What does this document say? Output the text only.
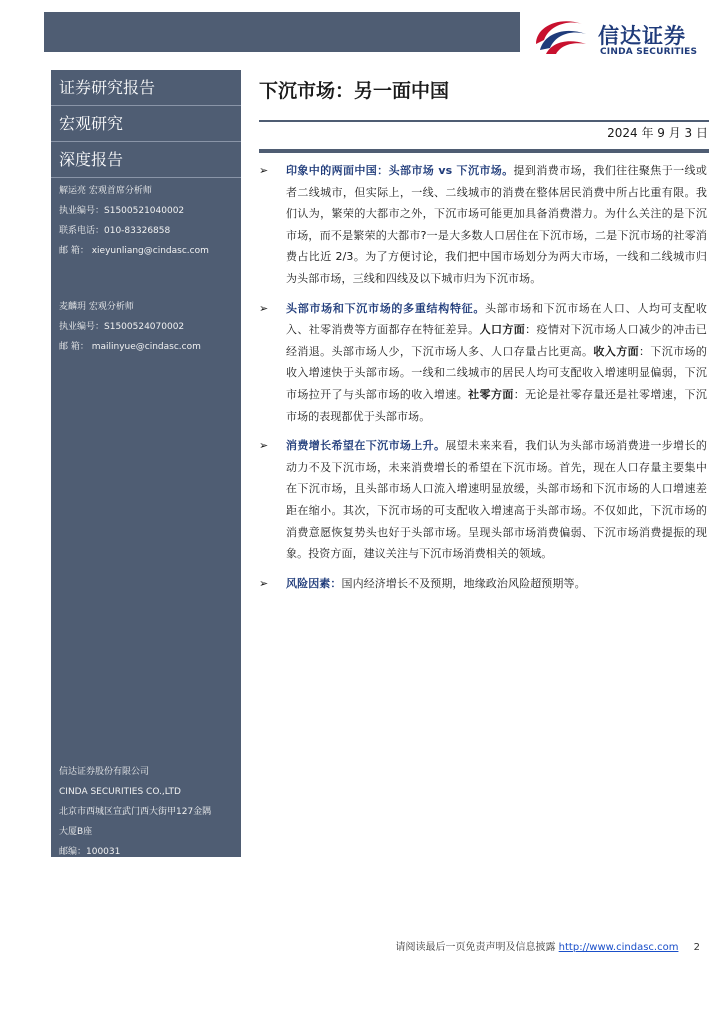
信达证券
CINDA SECURITIES
证券研究报告
宏观研究
深度报告
解运亮 宏观首席分析师
执业编号：S1500521040002
联系电话：010-83326858
邮 箱： xieyunliang@cindasc.com
麦麟玥 宏观分析师
执业编号：S1500524070002
邮 箱： mailinyue@cindasc.com
信达证券股份有限公司
CINDA SECURITIES CO.,LTD
北京市西城区宣武门西大街甲127金隅
大厦B座
邮编：100031
下沉市场：另一面中国
2024 年 9 月 3 日
➢ 印象中的两面中国：头部市场 vs 下沉市场。提到消费市场，我们往往聚焦于一线或者二线城市，但实际上，一线、二线城市的消费在整体居民消费中所占比重有限。我们认为，繁荣的大都市之外，下沉市场可能更加具备消费潜力。为什么关注的是下沉市场，而不是繁荣的大都市?一是大多数人口居住在下沉市场，二是下沉市场的社零消费占比近 2/3。为了方便讨论，我们把中国市场划分为两大市场，一线和二线城市归为头部市场，三线和四线及以下城市归为下沉市场。
➢ 头部市场和下沉市场的多重结构特征。头部市场和下沉市场在人口、人均可支配收入、社零消费等方面都存在特征差异。人口方面：疫情对下沉市场人口减少的冲击已经消退。头部市场人少，下沉市场人多、人口存量占比更高。收入方面：下沉市场的收入增速快于头部市场。一线和二线城市的居民人均可支配收入增速明显偏弱，下沉市场拉开了与头部市场的收入增速。社零方面：无论是社零存量还是社零增速，下沉市场的表现都优于头部市场。
➢ 消费增长希望在下沉市场上升。展望未来来看，我们认为头部市场消费进一步增长的动力不及下沉市场，未来消费增长的希望在下沉市场。首先，现在人口存量主要集中在下沉市场，且头部市场人口流入增速明显放缓，头部市场和下沉市场的人口增速差距在缩小。其次，下沉市场的可支配收入增速高于头部市场。不仅如此，下沉市场的消费意愿恢复势头也好于头部市场。呈现头部市场消费偏弱、下沉市场消费提振的现象。投资方面，建议关注与下沉市场消费相关的领域。
➢ 风险因素：国内经济增长不及预期，地缘政治风险超预期等。
请阅读最后一页免责声明及信息披露 http://www.cindasc.com 2
